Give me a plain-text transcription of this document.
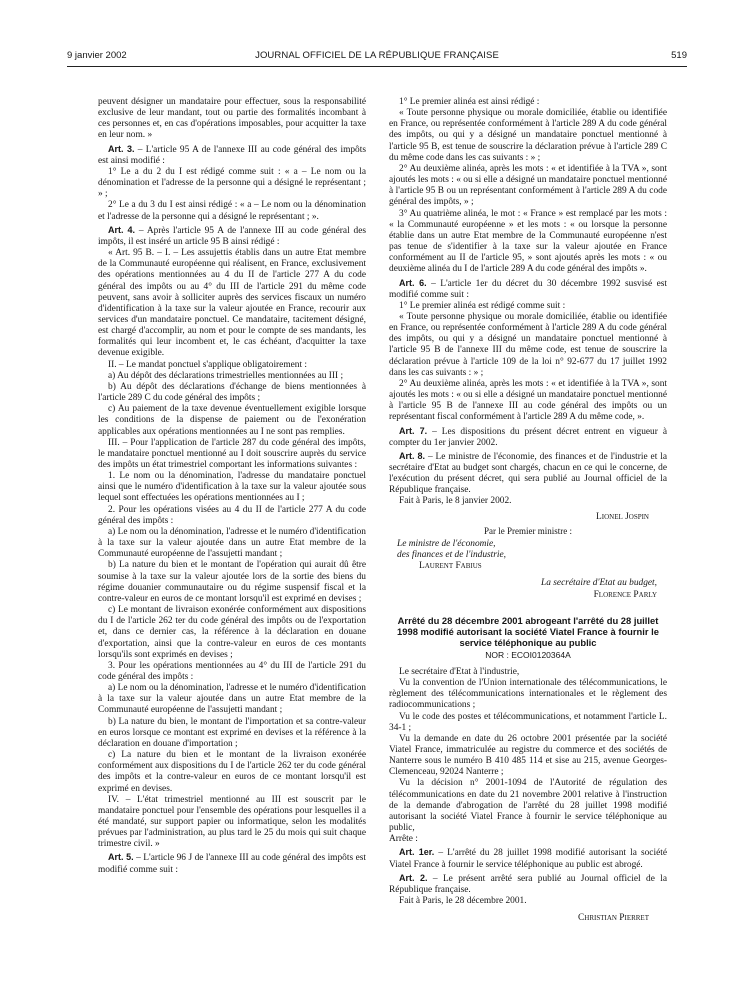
9 janvier 2002	JOURNAL OFFICIEL DE LA RÉPUBLIQUE FRANÇAISE	519

peuvent désigner un mandataire pour effectuer, sous la responsabilité exclusive de leur mandant, tout ou partie des formalités incombant à ces personnes et, en cas d'opérations imposables, pour acquitter la taxe en leur nom. »

Art. 3. – L'article 95 A de l'annexe III au code général des impôts est ainsi modifié :

1° Le a du 2 du I est rédigé comme suit : « a – Le nom ou la dénomination et l'adresse de la personne qui a désigné le représentant ; » ;

2° Le a du 3 du I est ainsi rédigé : « a – Le nom ou la dénomination et l'adresse de la personne qui a désigné le représentant ; ».

Art. 4. – Après l'article 95 A de l'annexe III au code général des impôts, il est inséré un article 95 B ainsi rédigé :

« Art. 95 B. – I. – Les assujettis établis dans un autre Etat membre de la Communauté européenne qui réalisent, en France, exclusivement des opérations mentionnées au 4 du II de l'article 277 A du code général des impôts ou au 4° du III de l'article 291 du même code peuvent, sans avoir à solliciter auprès des services fiscaux un numéro d'identification à la taxe sur la valeur ajoutée en France, recourir aux services d'un mandataire ponctuel. Ce mandataire, tacitement désigné, est chargé d'accomplir, au nom et pour le compte de ses mandants, les formalités qui leur incombent et, le cas échéant, d'acquitter la taxe devenue exigible.

II. – Le mandat ponctuel s'applique obligatoirement :

a) Au dépôt des déclarations trimestrielles mentionnées au III ;

b) Au dépôt des déclarations d'échange de biens mentionnées à l'article 289 C du code général des impôts ;

c) Au paiement de la taxe devenue éventuellement exigible lorsque les conditions de la dispense de paiement ou de l'exonération applicables aux opérations mentionnées au I ne sont pas remplies.

III. – Pour l'application de l'article 287 du code général des impôts, le mandataire ponctuel mentionné au I doit souscrire auprès du service des impôts un état trimestriel comportant les informations suivantes :

1. Le nom ou la dénomination, l'adresse du mandataire ponctuel ainsi que le numéro d'identification à la taxe sur la valeur ajoutée sous lequel sont effectuées les opérations mentionnées au I ;

2. Pour les opérations visées au 4 du II de l'article 277 A du code général des impôts :

a) Le nom ou la dénomination, l'adresse et le numéro d'identification à la taxe sur la valeur ajoutée dans un autre Etat membre de la Communauté européenne de l'assujetti mandant ;

b) La nature du bien et le montant de l'opération qui aurait dû être soumise à la taxe sur la valeur ajoutée lors de la sortie des biens du régime douanier communautaire ou du régime suspensif fiscal et la contre-valeur en euros de ce montant lorsqu'il est exprimé en devises ;

c) Le montant de livraison exonérée conformément aux dispositions du I de l'article 262 ter du code général des impôts ou de l'exportation et, dans ce dernier cas, la référence à la déclaration en douane d'exportation, ainsi que la contre-valeur en euros de ces montants lorsqu'ils sont exprimés en devises ;

3. Pour les opérations mentionnées au 4° du III de l'article 291 du code général des impôts :

a) Le nom ou la dénomination, l'adresse et le numéro d'identification à la taxe sur la valeur ajoutée dans un autre Etat membre de la Communauté européenne de l'assujetti mandant ;

b) La nature du bien, le montant de l'importation et sa contre-valeur en euros lorsque ce montant est exprimé en devises et la référence à la déclaration en douane d'importation ;

c) La nature du bien et le montant de la livraison exonérée conformément aux dispositions du I de l'article 262 ter du code général des impôts et la contre-valeur en euros de ce montant lorsqu'il est exprimé en devises.

IV. – L'état trimestriel mentionné au III est souscrit par le mandataire ponctuel pour l'ensemble des opérations pour lesquelles il a été mandaté, sur support papier ou informatique, selon les modalités prévues par l'administration, au plus tard le 25 du mois qui suit chaque trimestre civil. »

Art. 5. – L'article 96 J de l'annexe III au code général des impôts est modifié comme suit :

1° Le premier alinéa est ainsi rédigé :

« Toute personne physique ou morale domiciliée, établie ou identifiée en France, ou représentée conformément à l'article 289 A du code général des impôts, ou qui y a désigné un mandataire ponctuel mentionné à l'article 95 B, est tenue de souscrire la déclaration prévue à l'article 289 C du même code dans les cas suivants : » ;

2° Au deuxième alinéa, après les mots : « et identifiée à la TVA », sont ajoutés les mots : « ou si elle a désigné un mandataire ponctuel mentionné à l'article 95 B ou un représentant conformément à l'article 289 A du code général des impôts, » ;

3° Au quatrième alinéa, le mot : « France » est remplacé par les mots : « la Communauté européenne » et les mots : « ou lorsque la personne établie dans un autre Etat membre de la Communauté européenne n'est pas tenue de s'identifier à la taxe sur la valeur ajoutée en France conformément au II de l'article 95, » sont ajoutés après les mots : « ou deuxième alinéa du I de l'article 289 A du code général des impôts ».

Art. 6. – L'article 1er du décret du 30 décembre 1992 susvisé est modifié comme suit :

1° Le premier alinéa est rédigé comme suit :

« Toute personne physique ou morale domiciliée, établie ou identifiée en France, ou représentée conformément à l'article 289 A du code général des impôts, ou qui y a désigné un mandataire ponctuel mentionné à l'article 95 B de l'annexe III du même code, est tenue de souscrire la déclaration prévue à l'article 109 de la loi n° 92-677 du 17 juillet 1992 dans les cas suivants : » ;

2° Au deuxième alinéa, après les mots : « et identifiée à la TVA », sont ajoutés les mots : « ou si elle a désigné un mandataire ponctuel mentionné à l'article 95 B de l'annexe III au code général des impôts ou un représentant fiscal conformément à l'article 289 A du même code, ».

Art. 7. – Les dispositions du présent décret entrent en vigueur à compter du 1er janvier 2002.

Art. 8. – Le ministre de l'économie, des finances et de l'industrie et la secrétaire d'Etat au budget sont chargés, chacun en ce qui le concerne, de l'exécution du présent décret, qui sera publié au Journal officiel de la République française.

Fait à Paris, le 8 janvier 2002.

Lionel Jospin
Par le Premier ministre :
Le ministre de l'économie,
des finances et de l'industrie,
Laurent Fabius
La secrétaire d'Etat au budget,
Florence Parly
Arrêté du 28 décembre 2001 abrogeant l'arrêté du 28 juillet 1998 modifié autorisant la société Viatel France à fournir le service téléphonique au public
NOR : ECOI0120364A

Le secrétaire d'Etat à l'industrie,

Vu la convention de l'Union internationale des télécommunications, le règlement des télécommunications internationales et le règlement des radiocommunications ;

Vu le code des postes et télécommunications, et notamment l'article L. 34-1 ;

Vu la demande en date du 26 octobre 2001 présentée par la société Viatel France, immatriculée au registre du commerce et des sociétés de Nanterre sous le numéro B 410 485 114 et sise au 215, avenue Georges-Clemenceau, 92024 Nanterre ;

Vu la décision n° 2001-1094 de l'Autorité de régulation des télécommunications en date du 21 novembre 2001 relative à l'instruction de la demande d'abrogation de l'arrêté du 28 juillet 1998 modifié autorisant la société Viatel France à fournir le service téléphonique au public,

Arrête :

Art. 1er. – L'arrêté du 28 juillet 1998 modifié autorisant la société Viatel France à fournir le service téléphonique au public est abrogé.

Art. 2. – Le présent arrêté sera publié au Journal officiel de la République française.

Fait à Paris, le 28 décembre 2001.

Christian Pierret
